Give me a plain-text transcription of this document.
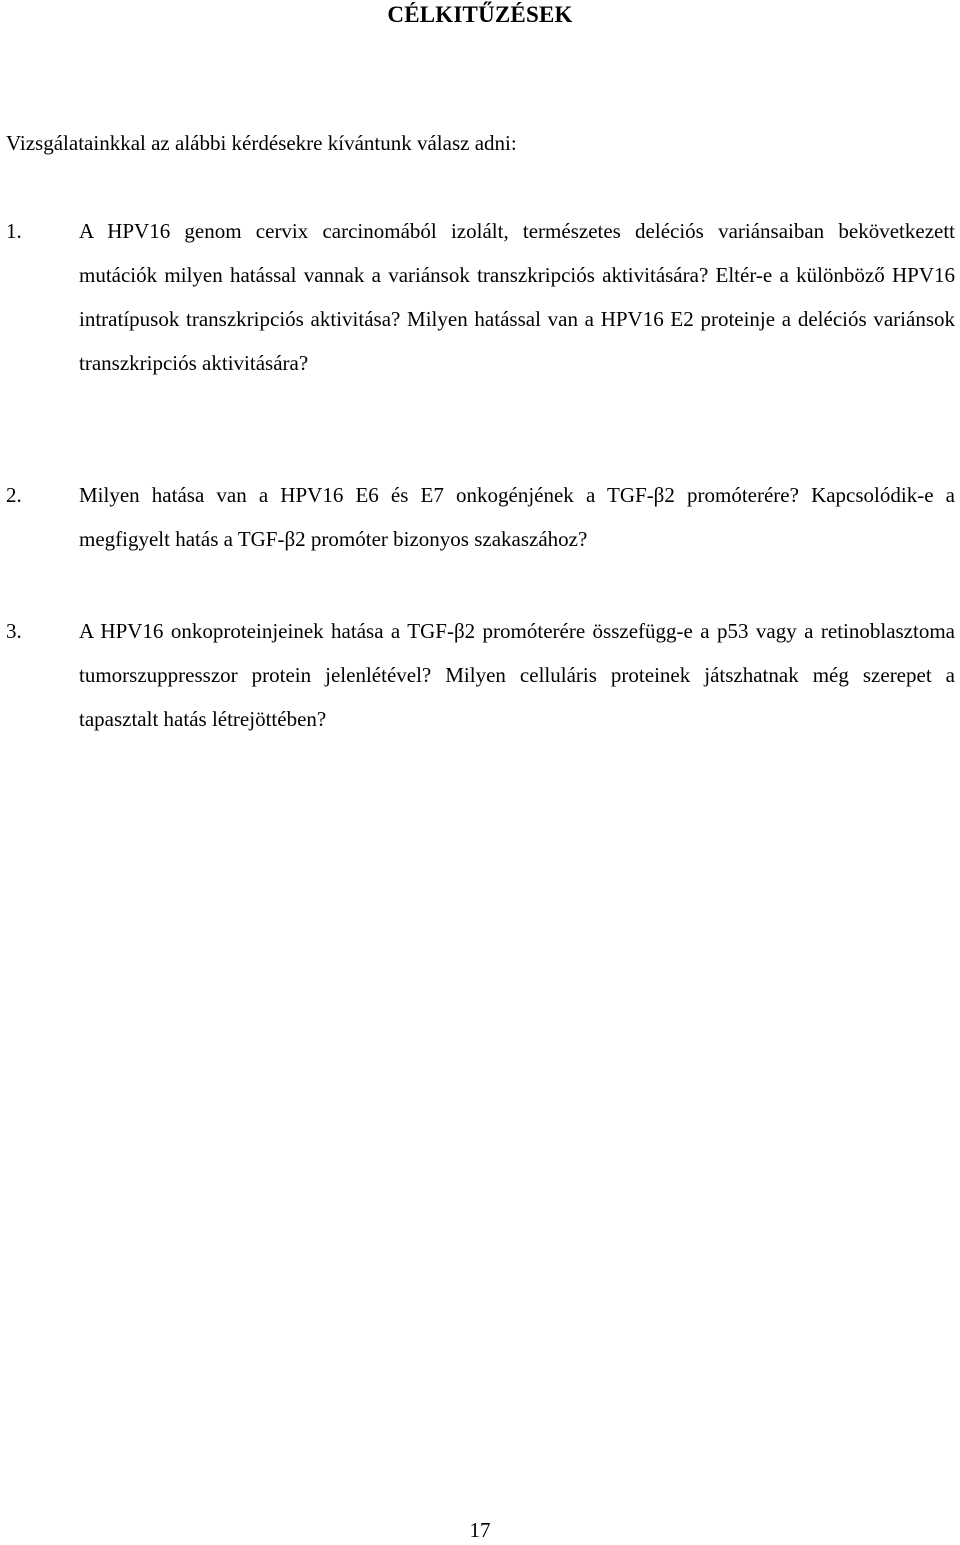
CÉLKITŰZÉSEK
Vizsgálatainkkal az alábbi kérdésekre kívántunk válasz adni:
1.	A HPV16 genom cervix carcinomából izolált, természetes deléciós variánsaiban bekövetkezett mutációk milyen hatással vannak a variánsok transzkripciós aktivitására? Eltér-e a különböző HPV16 intratípusok transzkripciós aktivitása? Milyen hatással van a HPV16 E2 proteinje a deléciós variánsok transzkripciós aktivitására?
2.	Milyen hatása van a HPV16 E6 és E7 onkogénjének a TGF-β2 promóterére? Kapcsolódik-e a megfigyelt hatás a TGF-β2 promóter bizonyos szakaszához?
3.	A HPV16 onkoproteinjeinek hatása a TGF-β2 promóterére összefügg-e a p53 vagy a retinoblasztoma tumorszuppresszor protein jelenlétével? Milyen celluláris proteinek játszhatnak még szerepet a tapasztalt hatás létrejöttében?
17
